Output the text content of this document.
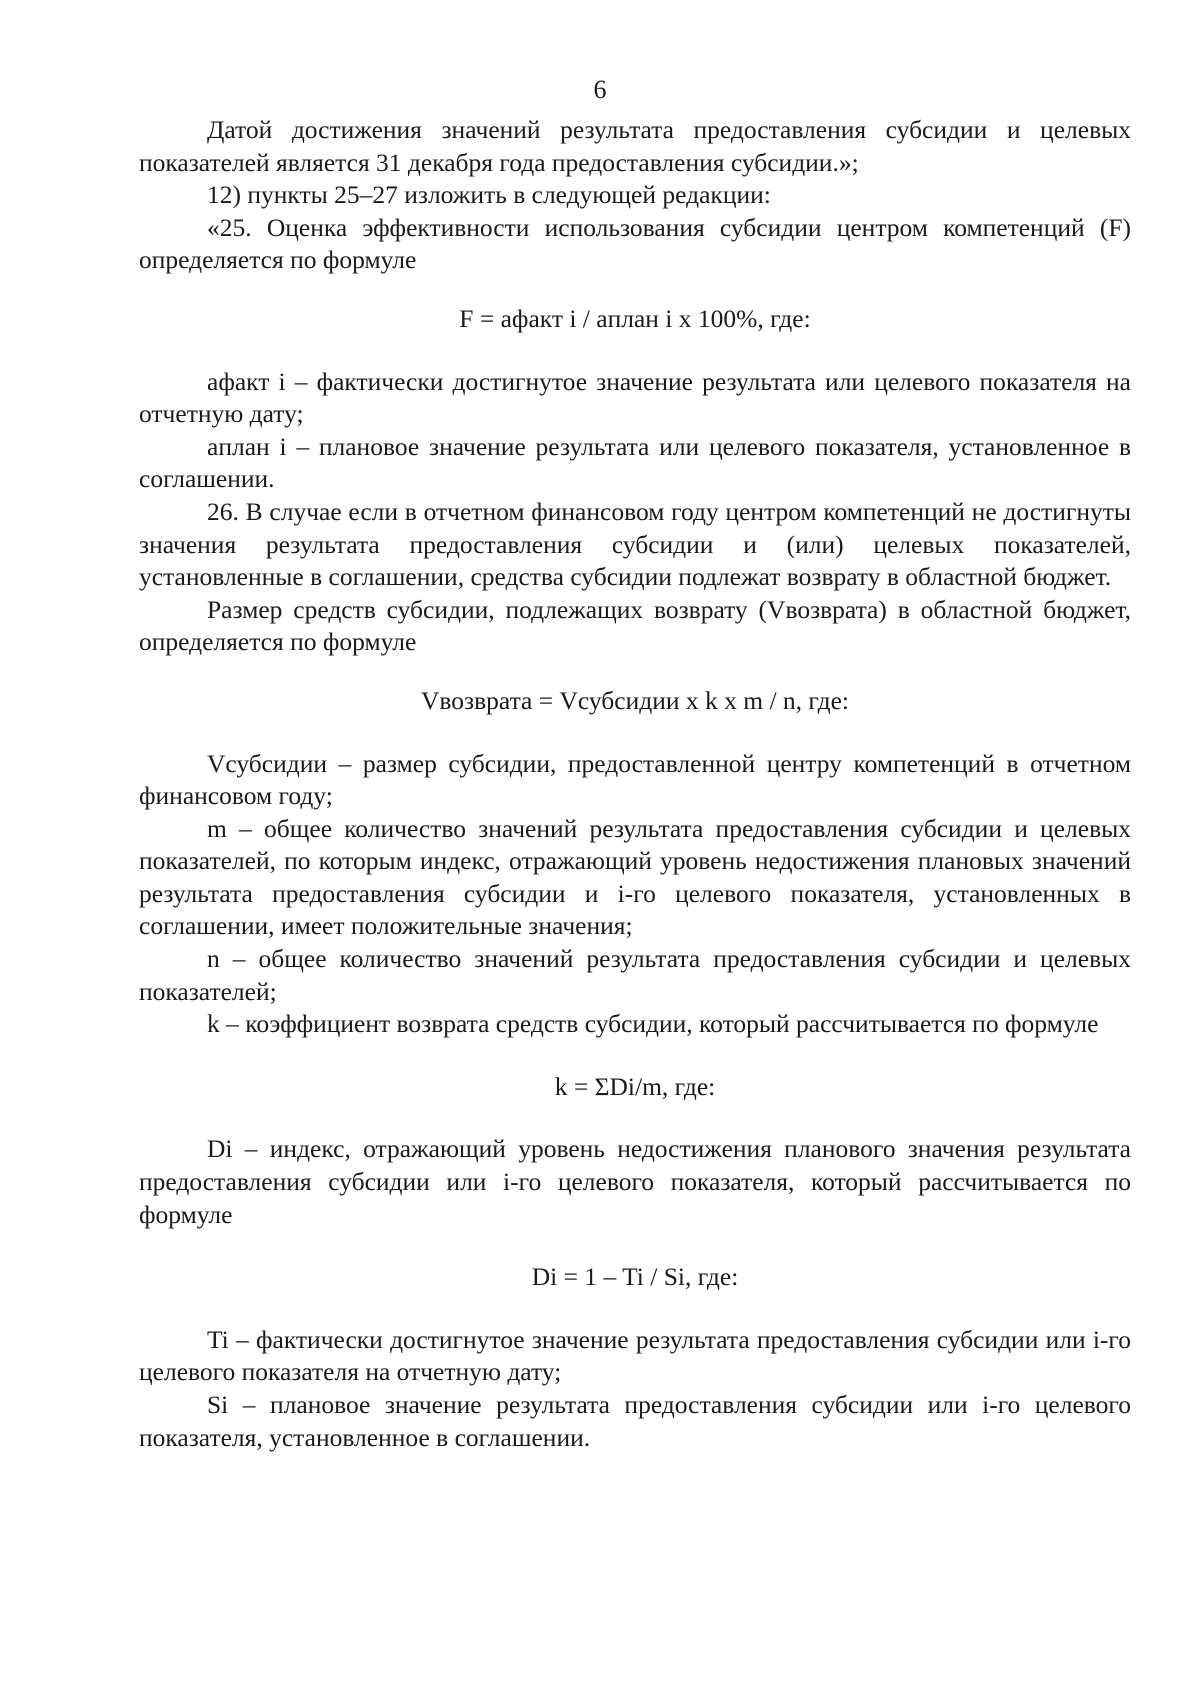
6

Датой достижения значений результата предоставления субсидии и целевых показателей является 31 декабря года предоставления субсидии.»;

12) пункты 25–27 изложить в следующей редакции:

«25. Оценка эффективности использования субсидии центром компетенций (F) определяется по формуле

F = aфакт i / aплан i x 100%, где:

aфакт i – фактически достигнутое значение результата или целевого показателя на отчетную дату;

aплан i – плановое значение результата или целевого показателя, установленное в соглашении.

26. В случае если в отчетном финансовом году центром компетенций не достигнуты значения результата предоставления субсидии и (или) целевых показателей, установленные в соглашении, средства субсидии подлежат возврату в областной бюджет.

Размер средств субсидии, подлежащих возврату (Vвозврата) в областной бюджет, определяется по формуле

Vвозврата = Vсубсидии x k x m / n, где:

Vсубсидии – размер субсидии, предоставленной центру компетенций в отчетном финансовом году;

m – общее количество значений результата предоставления субсидии и целевых показателей, по которым индекс, отражающий уровень недостижения плановых значений результата предоставления субсидии и i-го целевого показателя, установленных в соглашении, имеет положительные значения;

n – общее количество значений результата предоставления субсидии и целевых показателей;

k – коэффициент возврата средств субсидии, который рассчитывается по формуле

k = ΣDi/m, где:

Di – индекс, отражающий уровень недостижения планового значения результата предоставления субсидии или i-го целевого показателя, который рассчитывается по формуле

Di = 1 – Ti / Si, где:

Ti – фактически достигнутое значение результата предоставления субсидии или i-го целевого показателя на отчетную дату;

Si – плановое значение результата предоставления субсидии или i-го целевого показателя, установленное в соглашении.
